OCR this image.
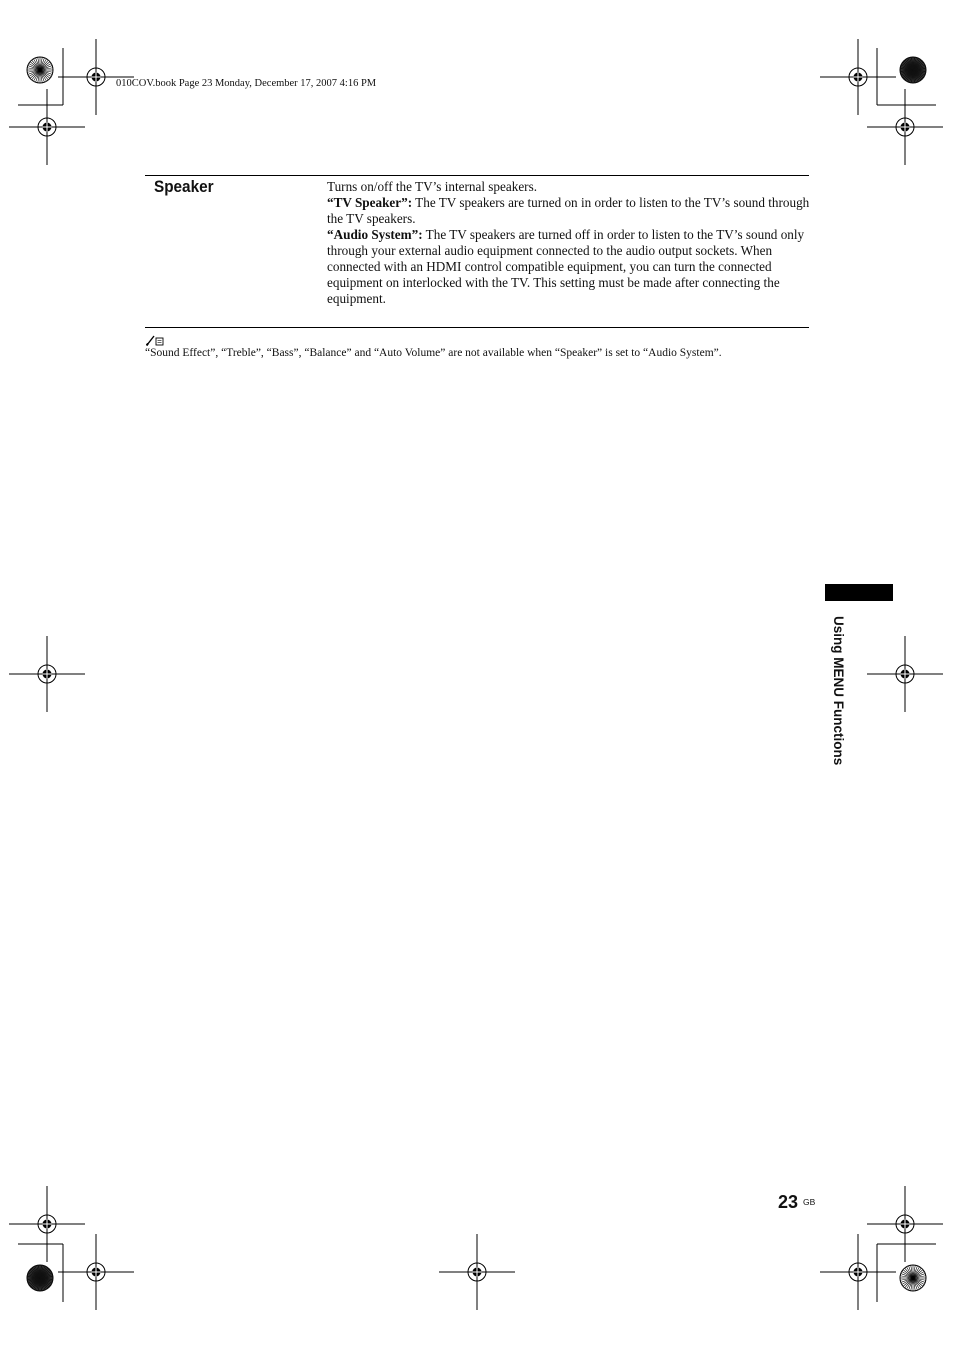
010COV.book Page 23 Monday, December 17, 2007 4:16 PM
Speaker	Turns on/off the TV’s internal speakers.

“TV Speaker”: The TV speakers are turned on in order to listen to the TV’s sound through the TV speakers.

“Audio System”: The TV speakers are turned off in order to listen to the TV’s sound only through your external audio equipment connected to the audio output sockets. When connected with an HDMI control compatible equipment, you can turn the connected equipment on interlocked with the TV. This setting must be made after connecting the equipment.

“Sound Effect”, “Treble”, “Bass”, “Balance” and “Auto Volume” are not available when “Speaker” is set to “Audio System”.
Using MENU Functions
23 GB
